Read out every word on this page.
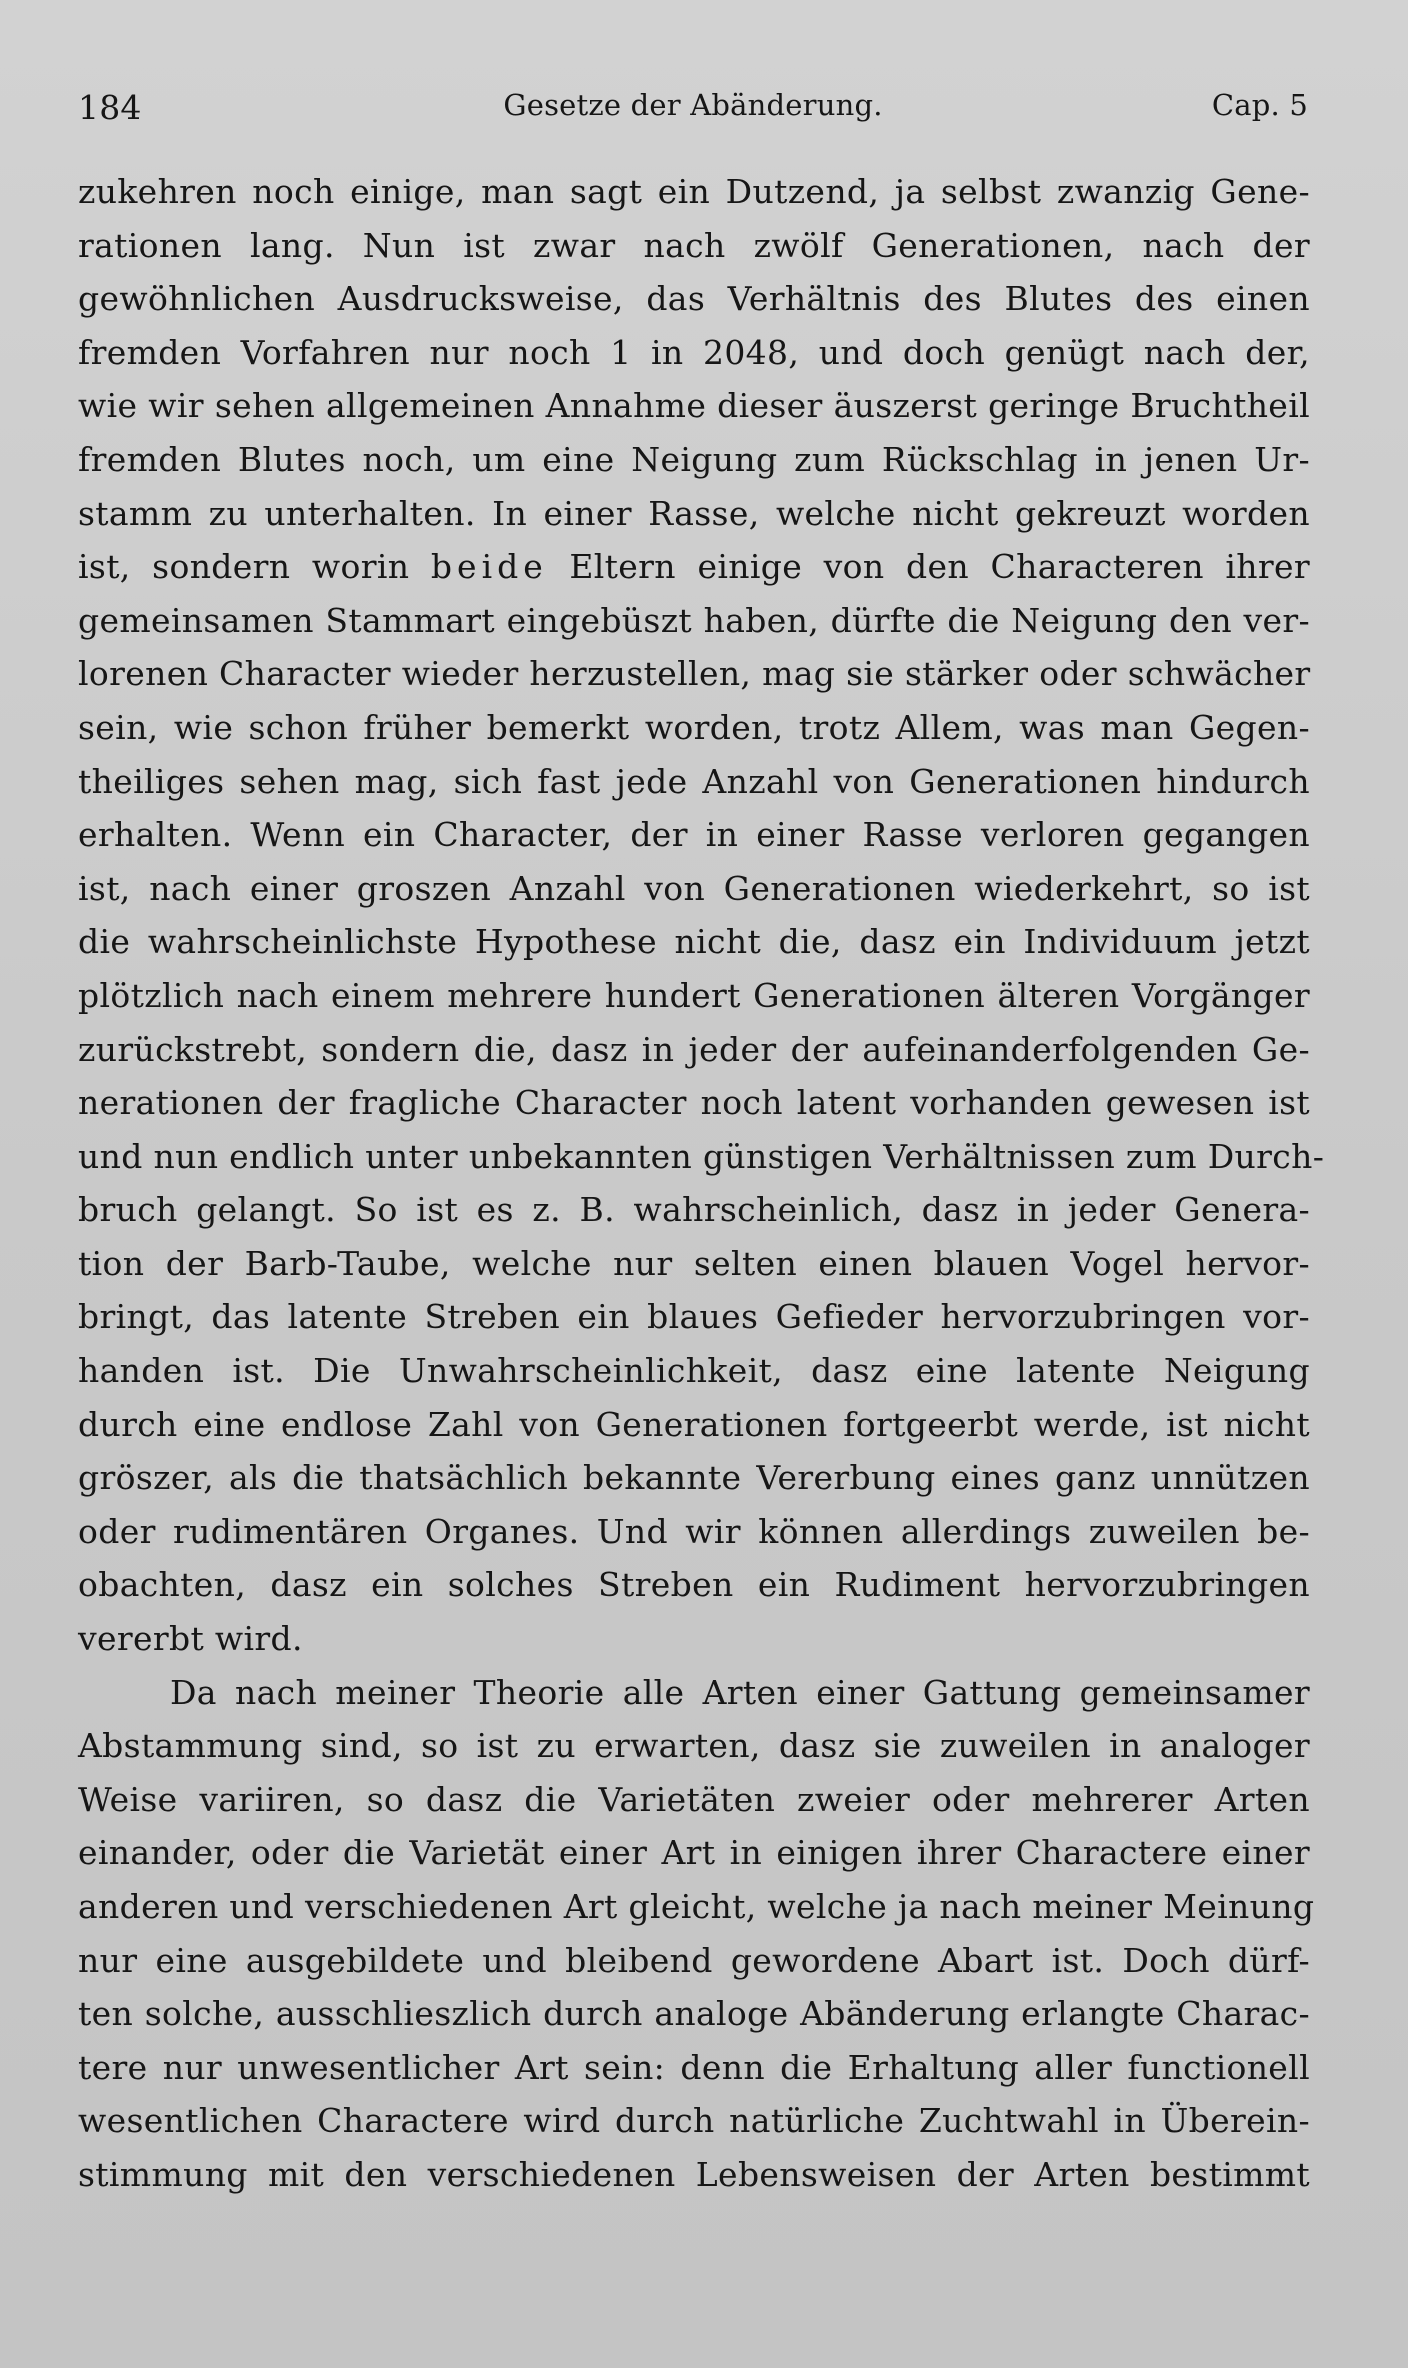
184	Gesetze der Abänderung.	Cap. 5
zukehren noch einige, man sagt ein Dutzend, ja selbst zwanzig Gene-
rationen lang. Nun ist zwar nach zwölf Generationen, nach der
gewöhnlichen Ausdrucksweise, das Verhältnis des Blutes des einen
fremden Vorfahren nur noch 1 in 2048, und doch genügt nach der,
wie wir sehen allgemeinen Annahme dieser äuszerst geringe Bruchtheil
fremden Blutes noch, um eine Neigung zum Rückschlag in jenen Ur-
stamm zu unterhalten. In einer Rasse, welche nicht gekreuzt worden
ist, sondern worin beide Eltern einige von den Characteren ihrer
gemeinsamen Stammart eingebüszt haben, dürfte die Neigung den ver-
lorenen Character wieder herzustellen, mag sie stärker oder schwächer
sein, wie schon früher bemerkt worden, trotz Allem, was man Gegen-
theiliges sehen mag, sich fast jede Anzahl von Generationen hindurch
erhalten. Wenn ein Character, der in einer Rasse verloren gegangen
ist, nach einer groszen Anzahl von Generationen wiederkehrt, so ist
die wahrscheinlichste Hypothese nicht die, dasz ein Individuum jetzt
plötzlich nach einem mehrere hundert Generationen älteren Vorgänger
zurückstrebt, sondern die, dasz in jeder der aufeinanderfolgenden Ge-
nerationen der fragliche Character noch latent vorhanden gewesen ist
und nun endlich unter unbekannten günstigen Verhältnissen zum Durch-
bruch gelangt. So ist es z. B. wahrscheinlich, dasz in jeder Genera-
tion der Barb-Taube, welche nur selten einen blauen Vogel hervor-
bringt, das latente Streben ein blaues Gefieder hervorzubringen vor-
handen ist. Die Unwahrscheinlichkeit, dasz eine latente Neigung
durch eine endlose Zahl von Generationen fortgeerbt werde, ist nicht
gröszer, als die thatsächlich bekannte Vererbung eines ganz unnützen
oder rudimentären Organes. Und wir können allerdings zuweilen be-
obachten, dasz ein solches Streben ein Rudiment hervorzubringen
vererbt wird.
Da nach meiner Theorie alle Arten einer Gattung gemeinsamer
Abstammung sind, so ist zu erwarten, dasz sie zuweilen in analoger
Weise variiren, so dasz die Varietäten zweier oder mehrerer Arten
einander, oder die Varietät einer Art in einigen ihrer Charactere einer
anderen und verschiedenen Art gleicht, welche ja nach meiner Meinung
nur eine ausgebildete und bleibend gewordene Abart ist. Doch dürf-
ten solche, ausschlieszlich durch analoge Abänderung erlangte Charac-
tere nur unwesentlicher Art sein: denn die Erhaltung aller functionell
wesentlichen Charactere wird durch natürliche Zuchtwahl in Überein-
stimmung mit den verschiedenen Lebensweisen der Arten bestimmt
